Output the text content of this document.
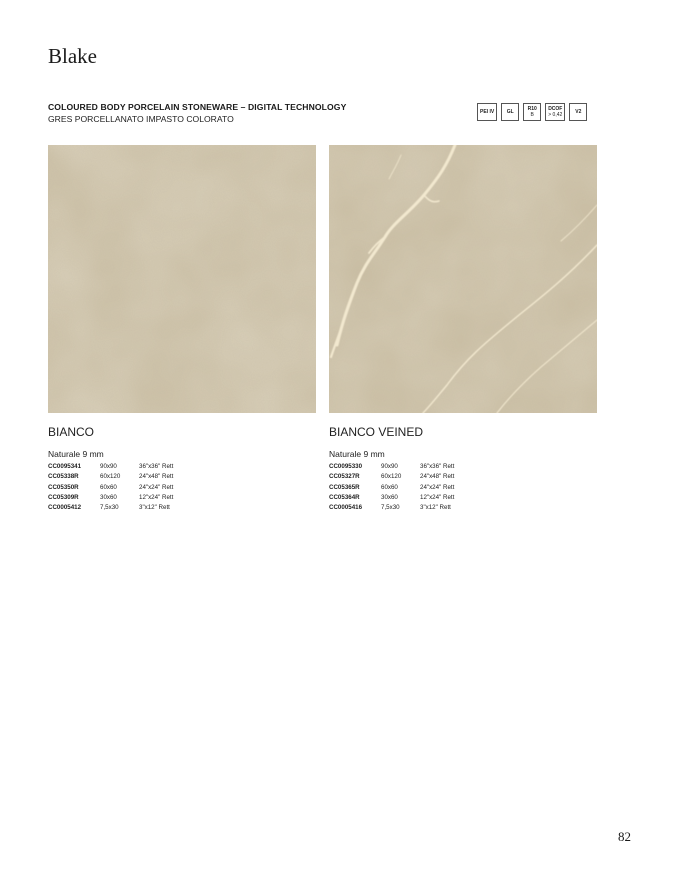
Blake
COLOURED BODY PORCELAIN STONEWARE – DIGITAL TECHNOLOGY
GRES PORCELLANATO IMPASTO COLORATO
PEI IV	GL	R10
B
DCOF
> 0,42	V2
BIANCO
Naturale 9 mm
CC0095341	90x90	36"x36" Rett
CC05338R	60x120	24"x48" Rett
CC05350R	60x60	24"x24" Rett
CC05309R	30x60	12"x24" Rett
CC0005412	7,5x30	3"x12" Rett
BIANCO VEINED
Naturale 9 mm
CC0095330	90x90	36"x36" Rett
CC05327R	60x120	24"x48" Rett
CC05365R	60x60	24"x24" Rett
CC05364R	30x60	12"x24" Rett
CC0005416	7,5x30	3"x12" Rett
82
